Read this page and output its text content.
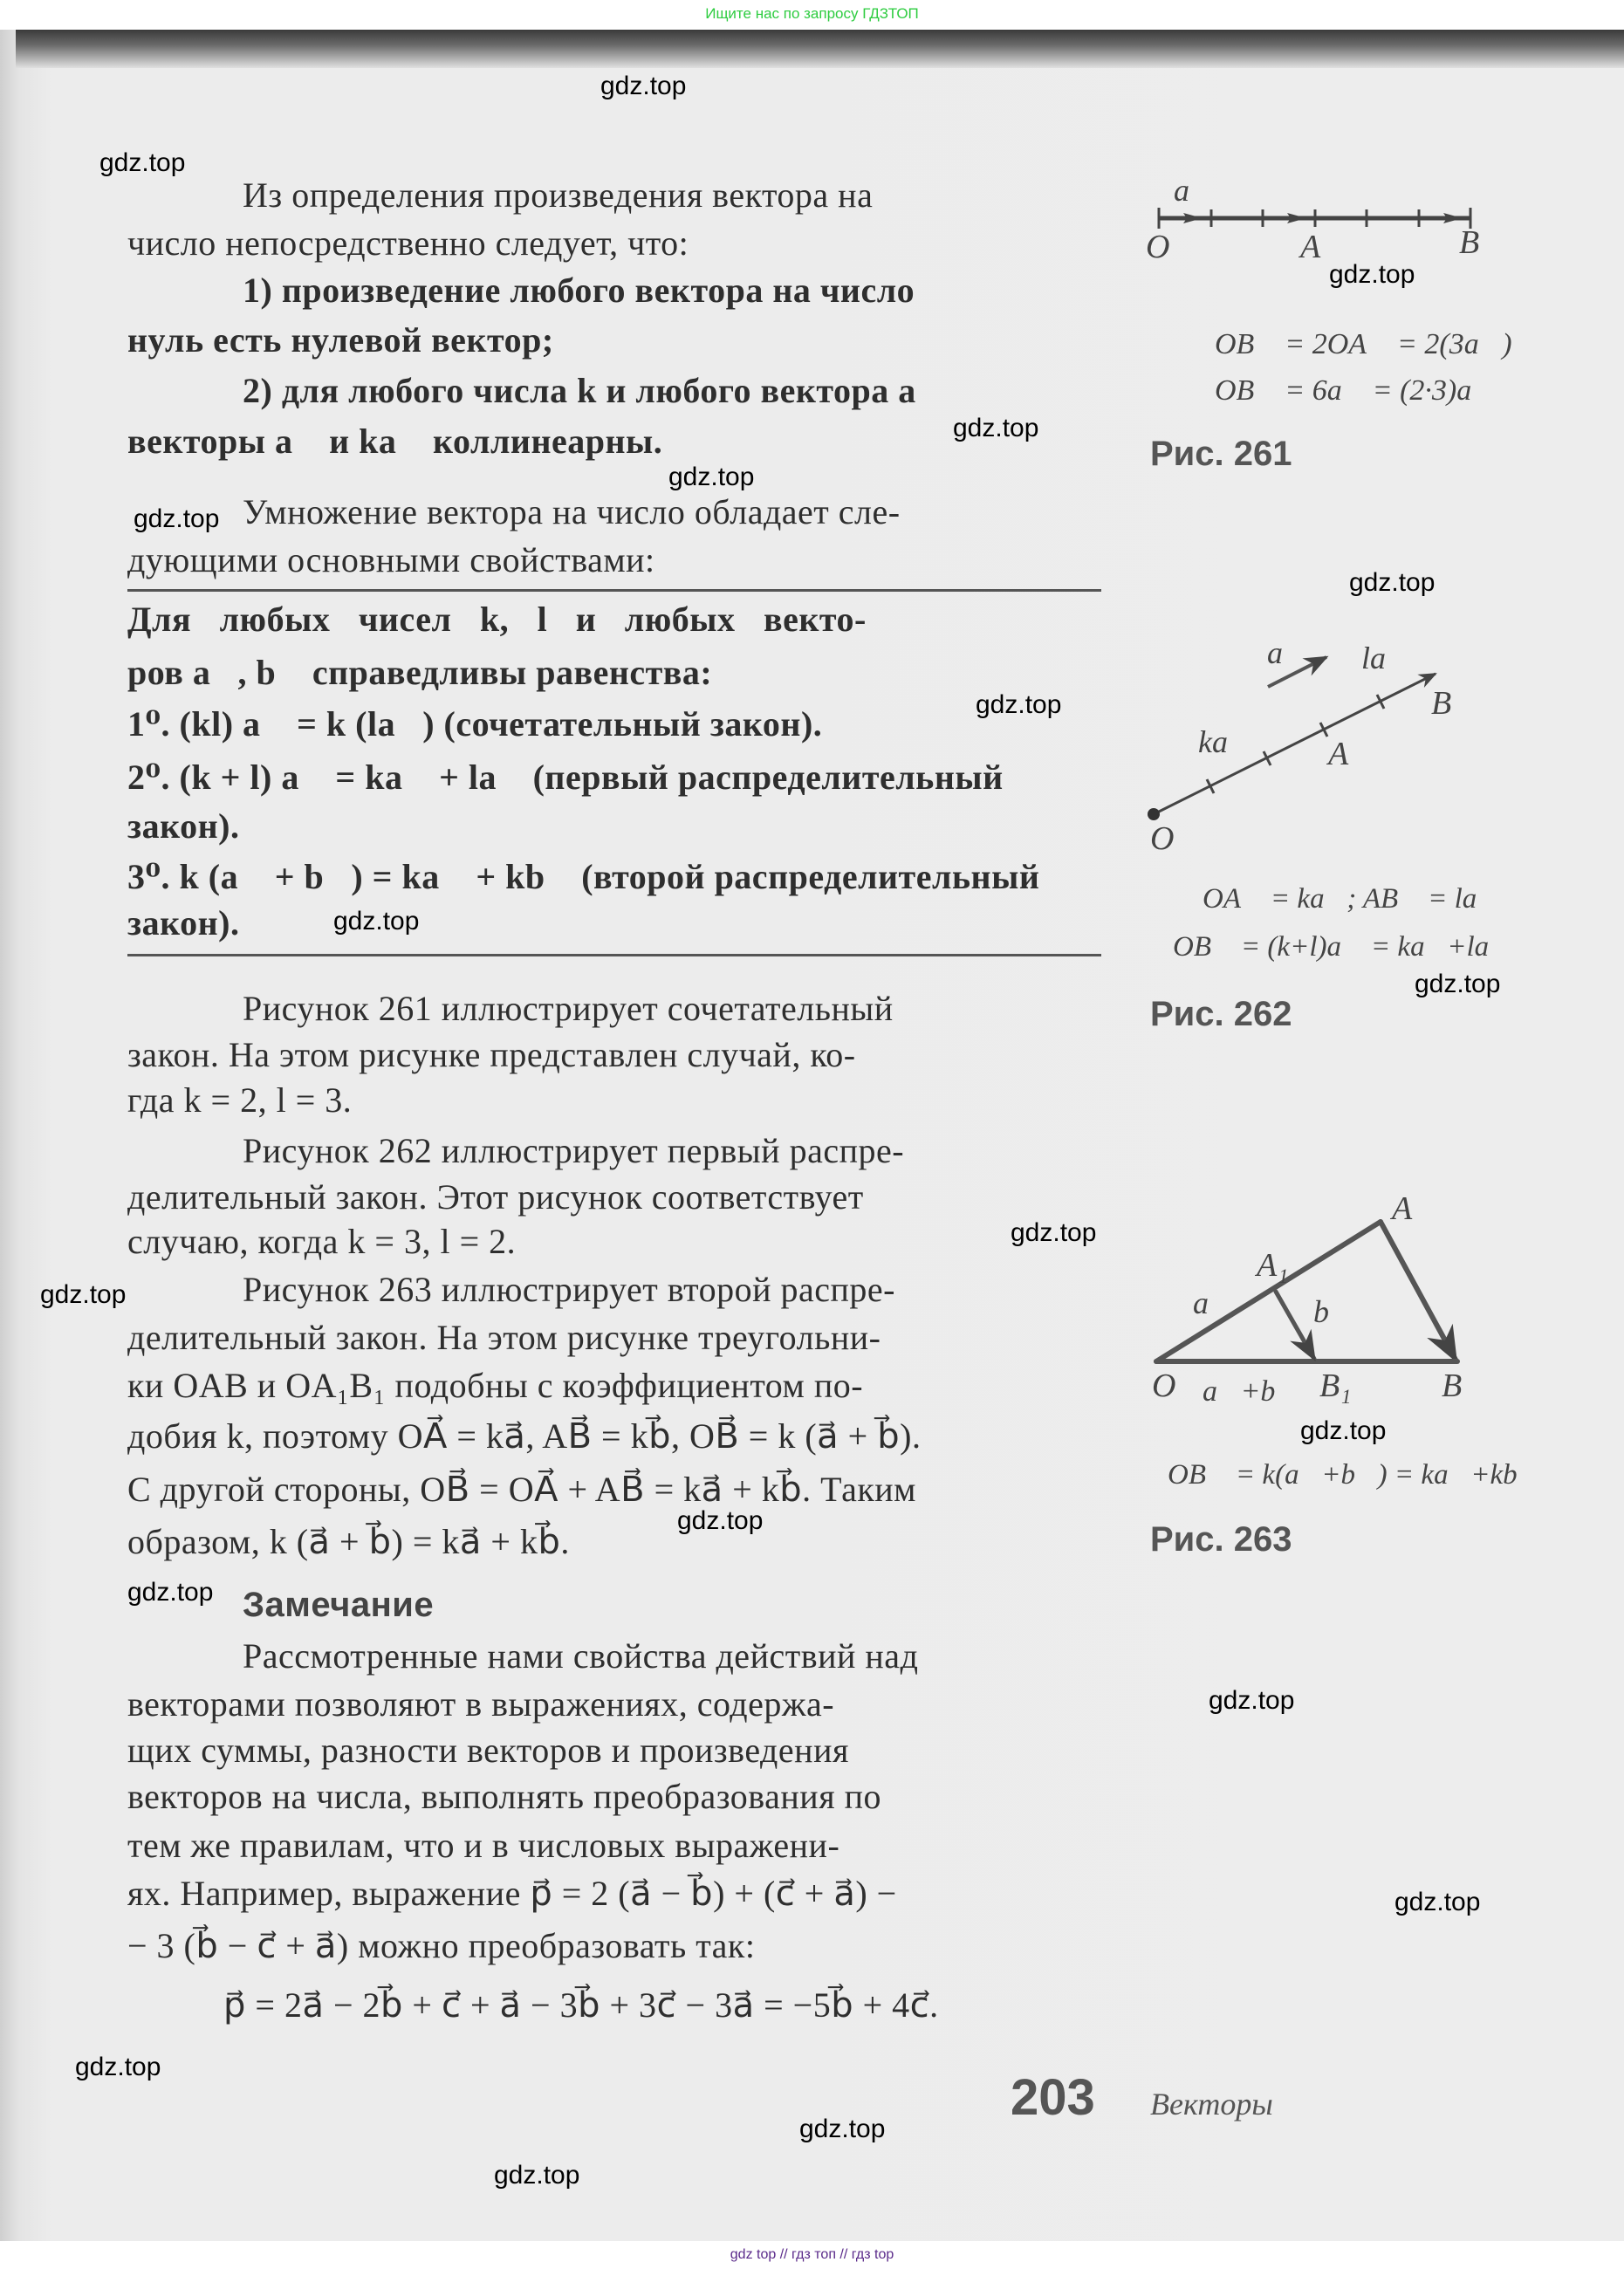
Ищите нас по запросу ГДЗТОП
Из определения произведения вектора на
число непосредственно следует, что:
1) произведение любого вектора на число
нуль есть нулевой вектор;
2) для любого числа k и любого вектора a⃗
векторы a⃗ и ka⃗ коллинеарны.
Умножение вектора на число обладает сле-
дующими основными свойствами:
Для любых чисел k, l и любых векто-
ров a⃗, b⃗ справедливы равенства:
1⁰. (kl) a⃗ = k (la⃗) (сочетательный закон).
2⁰. (k + l) a⃗ = ka⃗ + la⃗ (первый распределительный
закон).
3⁰. k (a⃗ + b⃗) = ka⃗ + kb⃗ (второй распределительный
закон).
Рисунок 261 иллюстрирует сочетательный
закон. На этом рисунке представлен случай, ко-
гда k = 2, l = 3.
Рисунок 262 иллюстрирует первый распре-
делительный закон. Этот рисунок соответствует
случаю, когда k = 3, l = 2.
Рисунок 263 иллюстрирует второй распре-
делительный закон. На этом рисунке треугольни-
ки OAB и OA₁B₁ подобны с коэффициентом по-
добия k, поэтому OA⃗ = ka⃗, AB⃗ = kb⃗, OB⃗ = k (a⃗ + b⃗).
С другой стороны, OB⃗ = OA⃗ + AB⃗ = ka⃗ + kb⃗. Таким
образом, k (a⃗ + b⃗) = ka⃗ + kb⃗.
Замечание
Рассмотренные нами свойства действий над
векторами позволяют в выражениях, содержа-
щих суммы, разности векторов и произведения
векторов на числа, выполнять преобразования по
тем же правилам, что и в числовых выражени-
ях. Например, выражение p⃗ = 2 (a⃗ − b⃗) + (c⃗ + a⃗) −
− 3 (b⃗ − c⃗ + a⃗) можно преобразовать так:
p⃗ = 2a⃗ − 2b⃗ + c⃗ + a⃗ − 3b⃗ + 3c⃗ − 3a⃗ = −5b⃗ + 4c⃗.
a⃗
O	A	B
OB⃗ = 2OA⃗ = 2(3a⃗)
OB⃗ = 6a⃗ = (2·3)a⃗
Рис. 261
a⃗ la⃗
B
ka⃗ A
O
OA⃗ = ka⃗; AB⃗ = la⃗
OB⃗ = (k+l)a⃗ = ka⃗+la⃗
Рис. 262
A
A₁
a⃗	b⃗
O a⃗+b⃗ B₁	B
OB⃗ = k(a⃗+b⃗) = ka⃗+kb⃗
Рис. 263
203 Векторы
gdz.top
gdz.top
gdz.top
gdz.top
gdz.top
gdz.top
gdz.top
gdz.top
gdz.top
gdz.top
gdz.top
gdz.top
gdz.top
gdz.top
gdz.top
gdz.top
gdz.top
gdz.top
gdz.top
gdz.top
gdz top // гдз топ // гдз top
